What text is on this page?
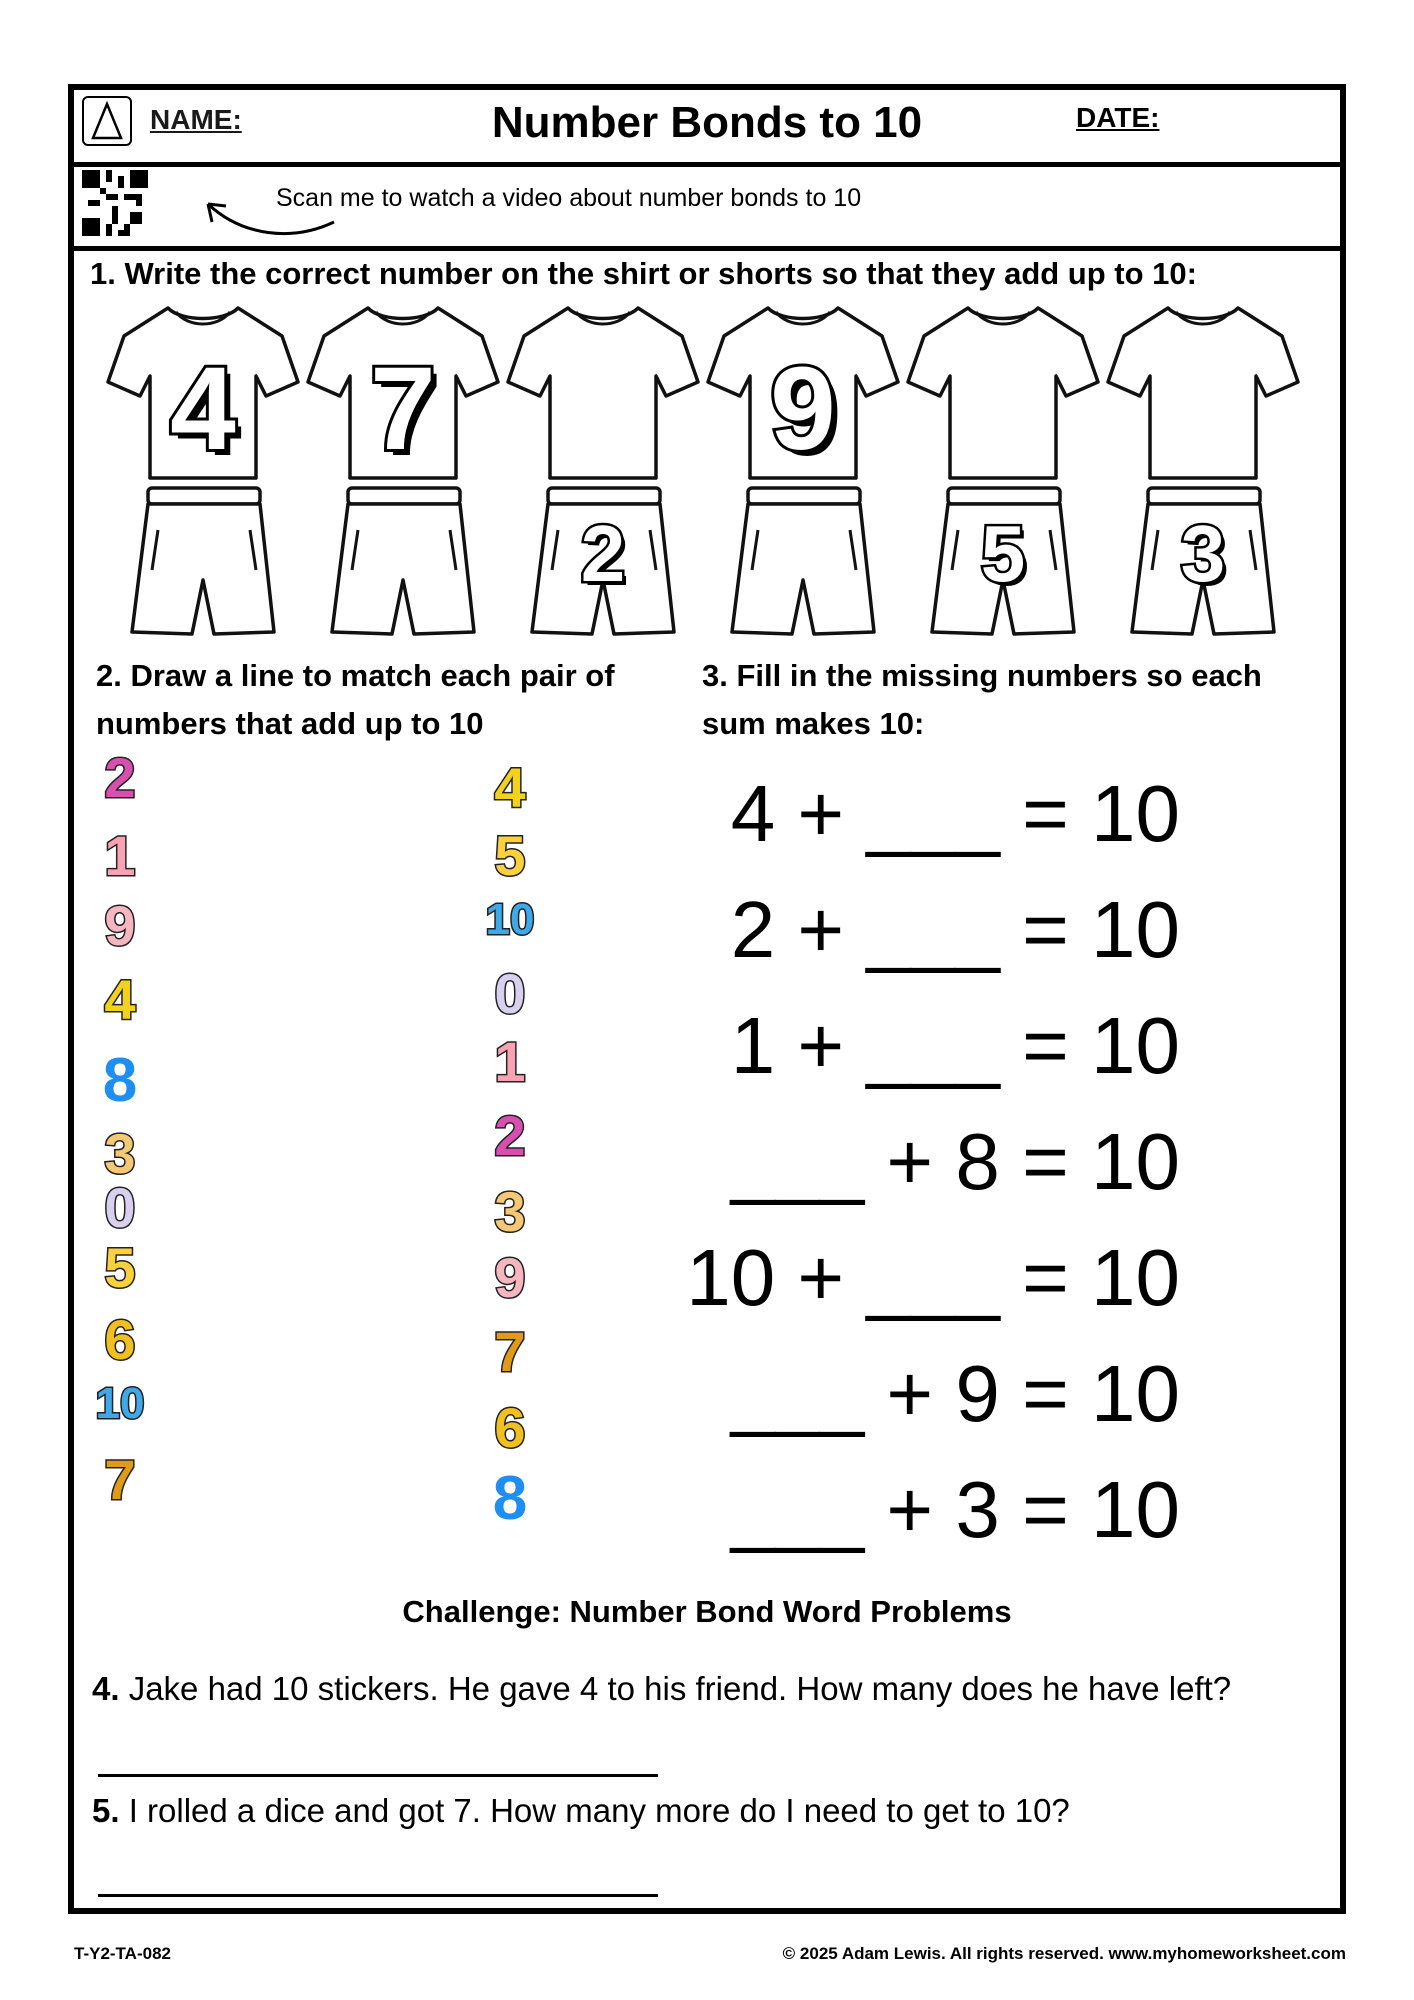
NAME:	Number Bonds to 10	DATE:
Scan me to watch a video about number bonds to 10
1. Write the correct number on the shirt or shorts so that they add up to 10:
4 7
2
9
5 3
2. Draw a line to match each pair of numbers that add up to 10
3. Fill in the missing numbers so each sum makes 10:
2
1
9
4
8
3
0
5
6
10
7
4
5
10
0
1
2
3
9
7
6
8
4 + ___ = 10
2 + ___ = 10
1 + ___ = 10
___ + 8 = 10
10 + ___ = 10
___ + 9 = 10
___ + 3 = 10
Challenge: Number Bond Word Problems
4. Jake had 10 stickers. He gave 4 to his friend. How many does he have left?
5. I rolled a dice and got 7. How many more do I need to get to 10?
T-Y2-TA-082	© 2025 Adam Lewis. All rights reserved. www.myhomeworksheet.com
